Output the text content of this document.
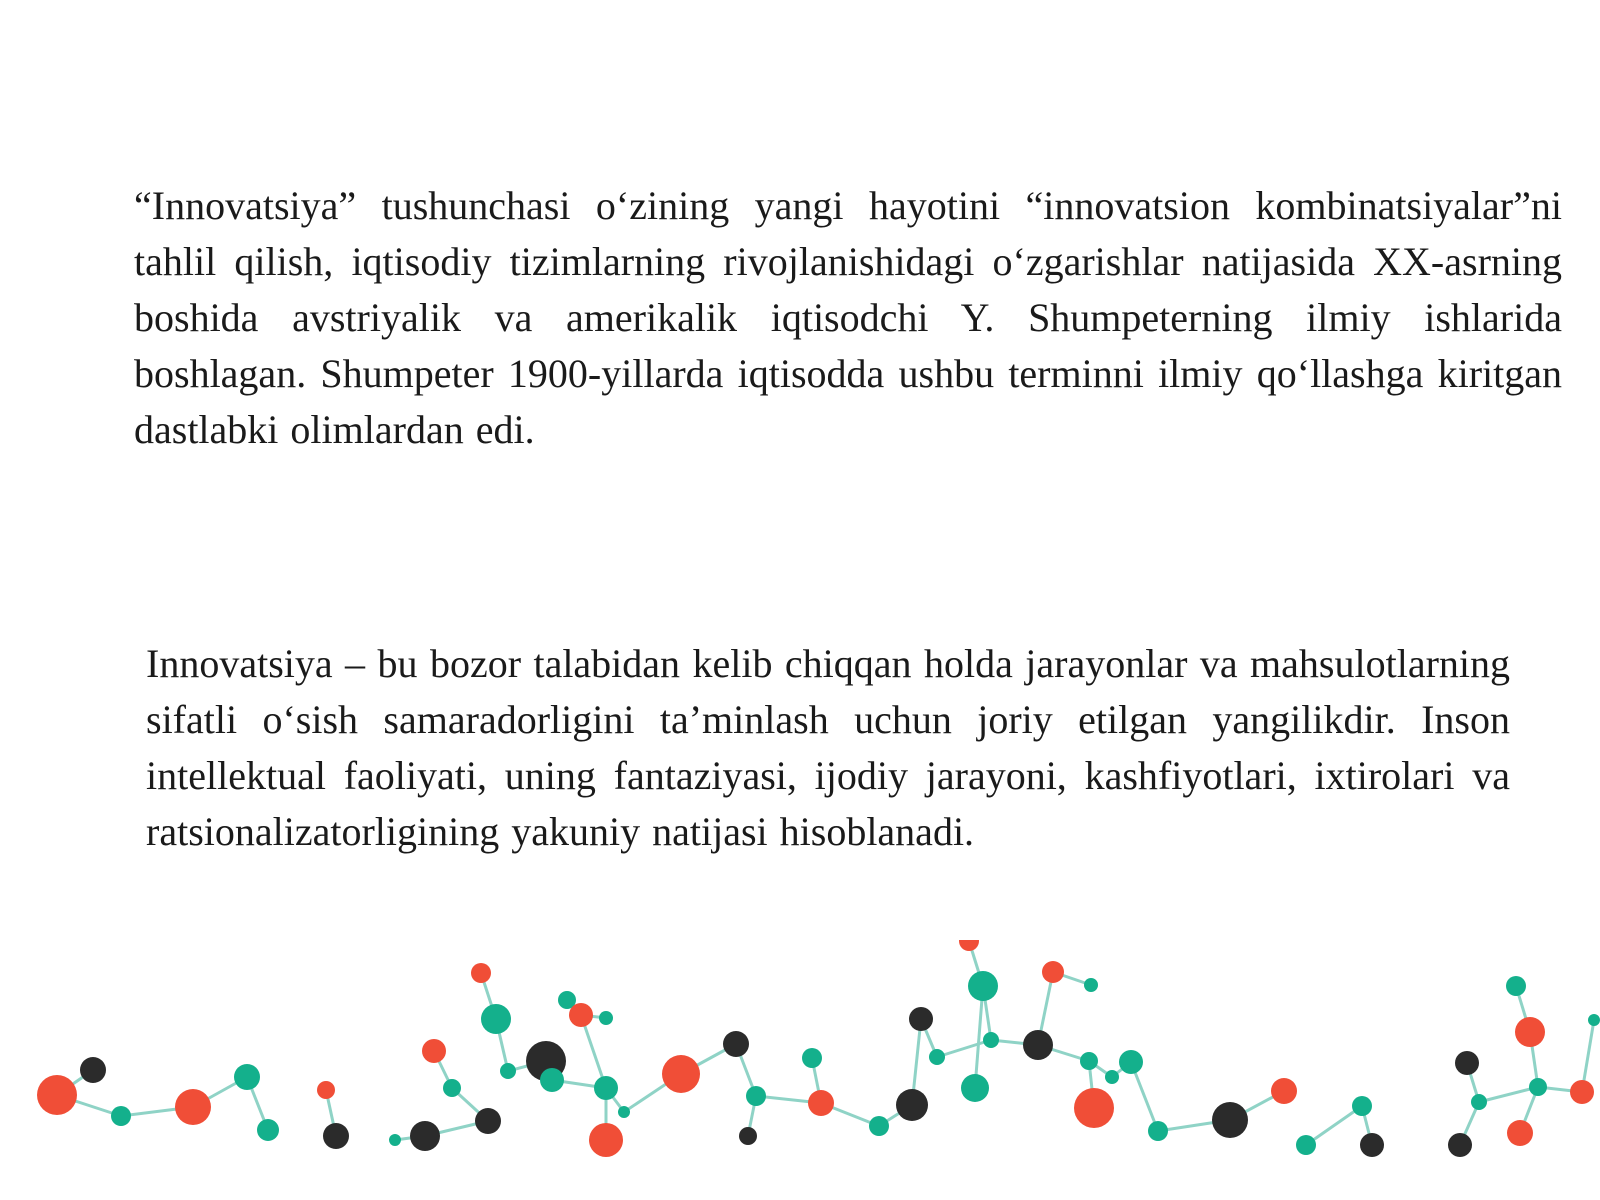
“Innovatsiya” tushunchasi o‘zining yangi hayotini “innovatsion kombinatsiyalar”ni tahlil qilish, iqtisodiy tizimlarning rivojlanishidagi o‘zgarishlar natijasida XX-asrning boshida avstriyalik va amerikalik iqtisodchi Y. Shumpeterning ilmiy ishlarida boshlagan. Shumpeter 1900-yillarda iqtisodda ushbu terminni ilmiy qo‘llashga kiritgan dastlabki olimlardan edi.

Innovatsiya – bu bozor talabidan kelib chiqqan holda jarayonlar va mahsulotlarning sifatli o‘sish samaradorligini ta’minlash uchun joriy etilgan yangilikdir. Inson intellektual faoliyati, uning fantaziyasi, ijodiy jarayoni, kashfiyotlari, ixtirolari va ratsionalizatorligining yakuniy natijasi hisoblanadi.
